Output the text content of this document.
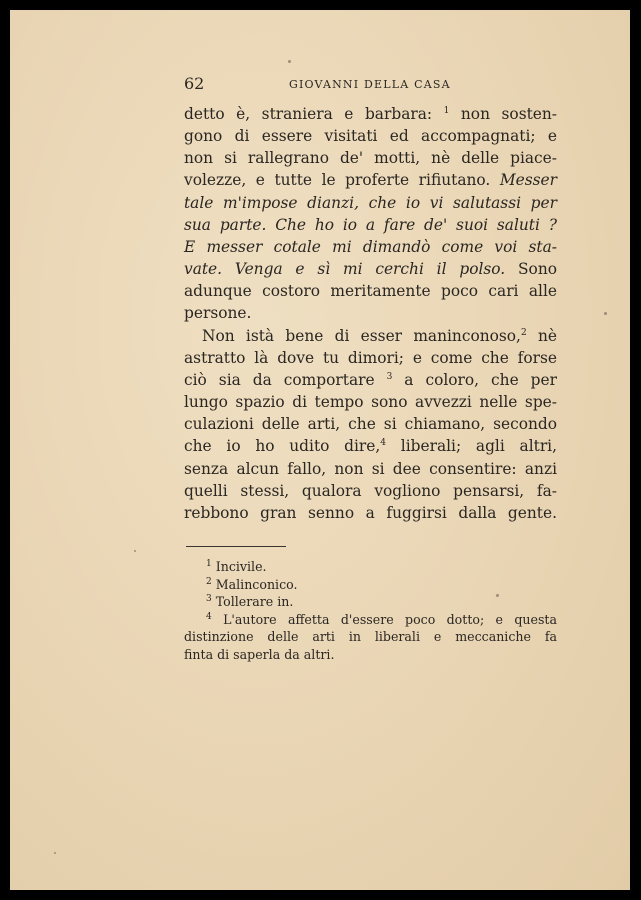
62	GIOVANNI DELLA CASA
detto è, straniera e barbara: $^1$ non sosten-
gono di essere visitati ed accompagnati; e
non si rallegrano de' motti, nè delle piace-
volezze, e tutte le proferte rifiutano. Messer
tale m'impose dianzi, che io vi salutassi per
sua parte. Che ho io a fare de' suoi saluti ?
E messer cotale mi dimandò come voi sta-
vate. Venga e sì mi cerchi il polso. Sono
adunque costoro meritamente poco cari alle
persone.
Non istà bene di esser maninconoso,$^2$ nè
astratto là dove tu dimori; e come che forse
ciò sia da comportare $^3$ a coloro, che per
lungo spazio di tempo sono avvezzi nelle spe-
culazioni delle arti, che si chiamano, secondo
che io ho udito dire,$^4$ liberali; agli altri,
senza alcun fallo, non si dee consentire: anzi
quelli stessi, qualora vogliono pensarsi, fa-
rebbono gran senno a fuggirsi dalla gente.
$^1$ Incivile.
$^2$ Malinconico.
$^3$ Tollerare in.
$^4$ L'autore affetta d'essere poco dotto; e questa
distinzione delle arti in liberali e meccaniche fa
finta di saperla da altri.
